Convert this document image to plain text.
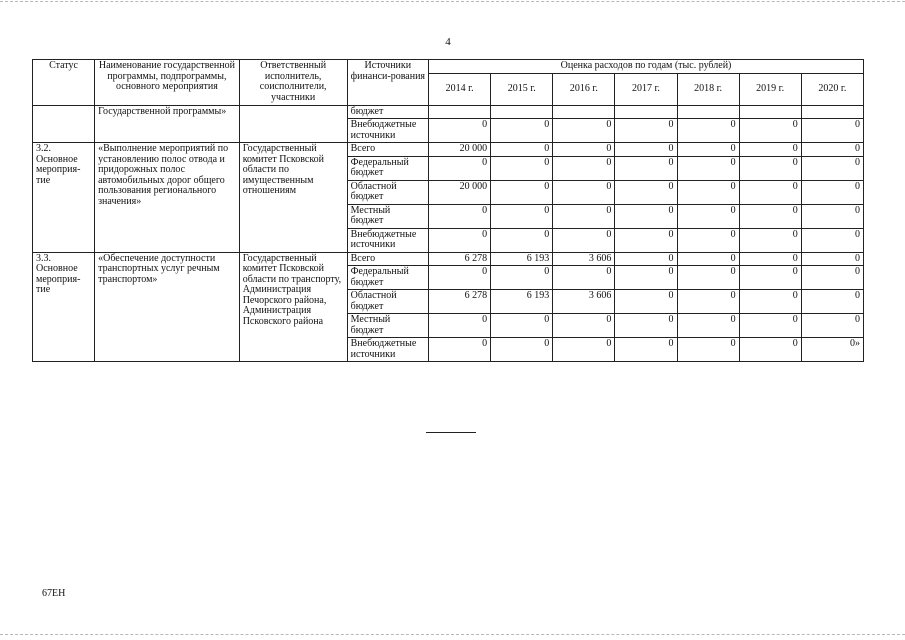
4
Статус	Наименование государственной программы, подпрограммы, основного мероприятия	Ответственный исполнитель, соисполнители, участники	Источники финанси-рования	Оценка расходов по годам (тыс. рублей)						
				2014 г.	2015 г.	2016 г.	2017 г.	2018 г.	2019 г.	2020 г.
	Государственной программы»		бюджет							
			Внебюджетные источники	0	0	0	0	0	0	0
3.2. Основное мероприя-тие	«Выполнение мероприятий по установлению полос отвода и придорожных полос автомобильных дорог общего пользования регионального значения»	Государственный комитет Псковской области по имущественным отношениям	Всего	20 000	0	0	0	0	0	0
			Федеральный бюджет	0	0	0	0	0	0	0
			Областной бюджет	20 000	0	0	0	0	0	0
			Местный бюджет	0	0	0	0	0	0	0
			Внебюджетные источники	0	0	0	0	0	0	0
3.3. Основное мероприя-тие	«Обеспечение доступности транспортных услуг речным транспортом»	Государственный комитет Псковской области по транспорту, Администрация Печорского района, Администрация Псковского района	Всего	6 278	6 193	3 606	0	0	0	0
			Федеральный бюджет	0	0	0	0	0	0	0
			Областной бюджет	6 278	6 193	3 606	0	0	0	0
			Местный бюджет	0	0	0	0	0	0	0
			Внебюджетные источники	0	0	0	0	0	0	0»
67ЕН
